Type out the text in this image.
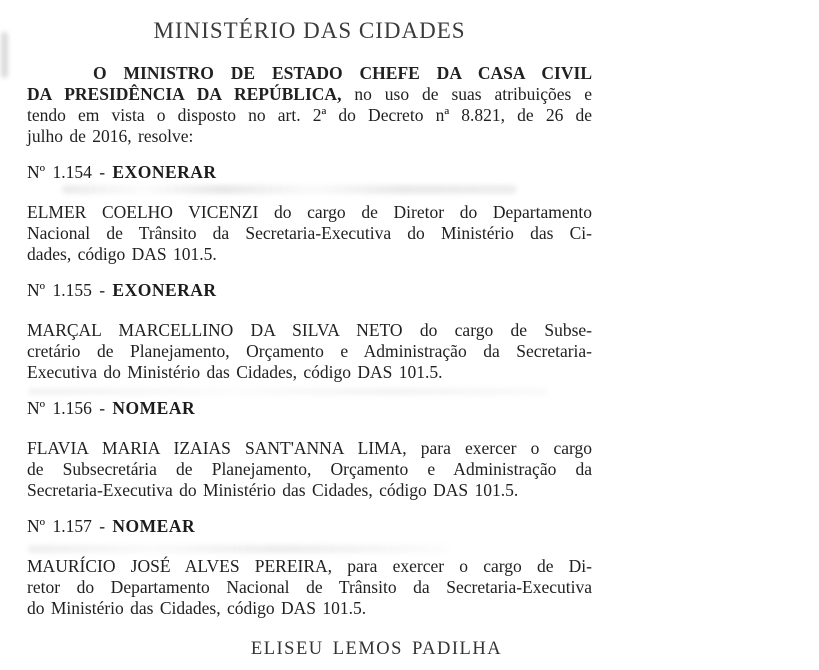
MINISTÉRIO DAS CIDADES
O MINISTRO DE ESTADO CHEFE DA CASA CIVIL
DA PRESIDÊNCIA DA REPÚBLICA, no uso de suas atribuições e
tendo em vista o disposto no art. 2ª do Decreto nª 8.821, de 26 de
julho de 2016, resolve:
Nº 1.154 - EXONERAR
ELMER COELHO VICENZI do cargo de Diretor do Departamento
Nacional de Trânsito da Secretaria-Executiva do Ministério das Ci-
dades, código DAS 101.5.
Nº 1.155 - EXONERAR
MARÇAL MARCELLINO DA SILVA NETO do cargo de Subse-
cretário de Planejamento, Orçamento e Administração da Secretaria-
Executiva do Ministério das Cidades, código DAS 101.5.
Nº 1.156 - NOMEAR
FLAVIA MARIA IZAIAS SANT'ANNA LIMA, para exercer o cargo
de Subsecretária de Planejamento, Orçamento e Administração da
Secretaria-Executiva do Ministério das Cidades, código DAS 101.5.
Nº 1.157 - NOMEAR
MAURÍCIO JOSÉ ALVES PEREIRA, para exercer o cargo de Di-
retor do Departamento Nacional de Trânsito da Secretaria-Executiva
do Ministério das Cidades, código DAS 101.5.
ELISEU LEMOS PADILHA
